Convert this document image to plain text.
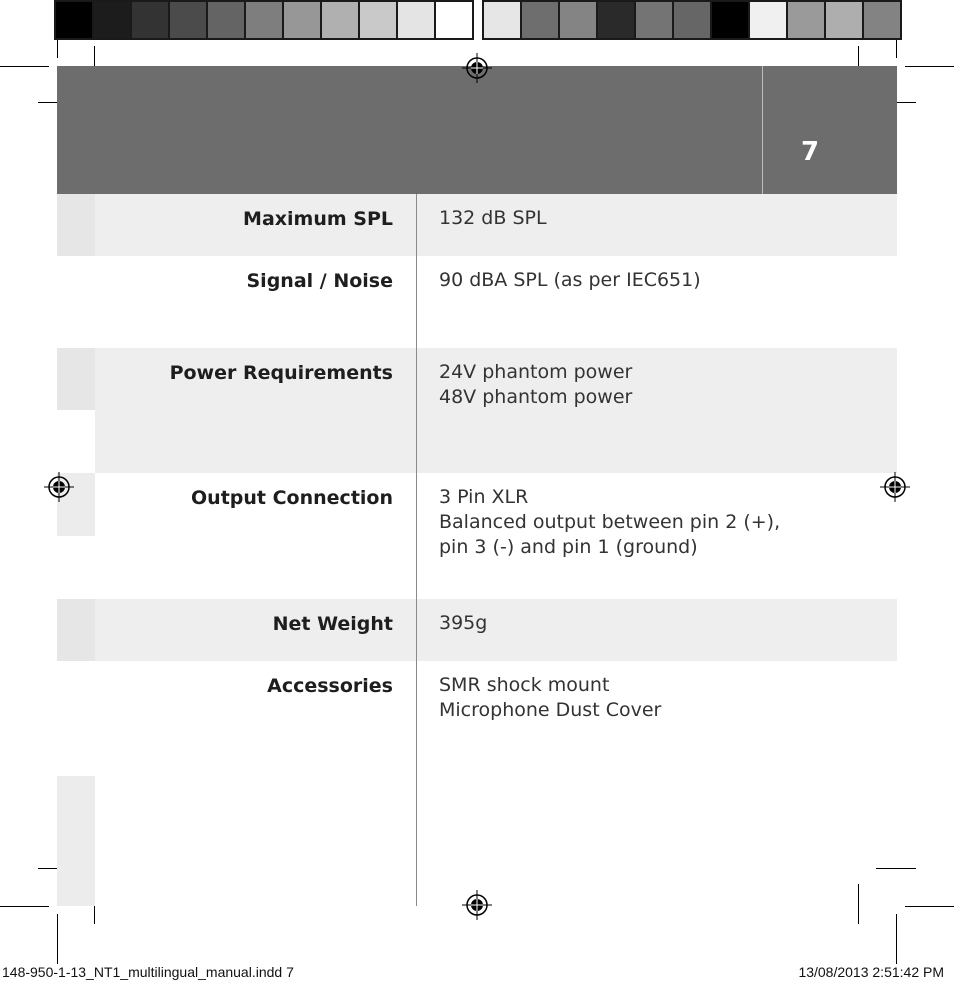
7
Maximum SPL 132 dB SPL
Signal / Noise 90 dBA SPL (as per IEC651)
Power Requirements 24V phantom power
48V phantom power
Output Connection 3 Pin XLR
Balanced output between pin 2 (+),
pin 3 (-) and pin 1 (ground)
Net Weight 395g
Accessories SMR shock mount
Microphone Dust Cover
148-950-1-13_NT1_multilingual_manual.indd 7	13/08/2013 2:51:42 PM
